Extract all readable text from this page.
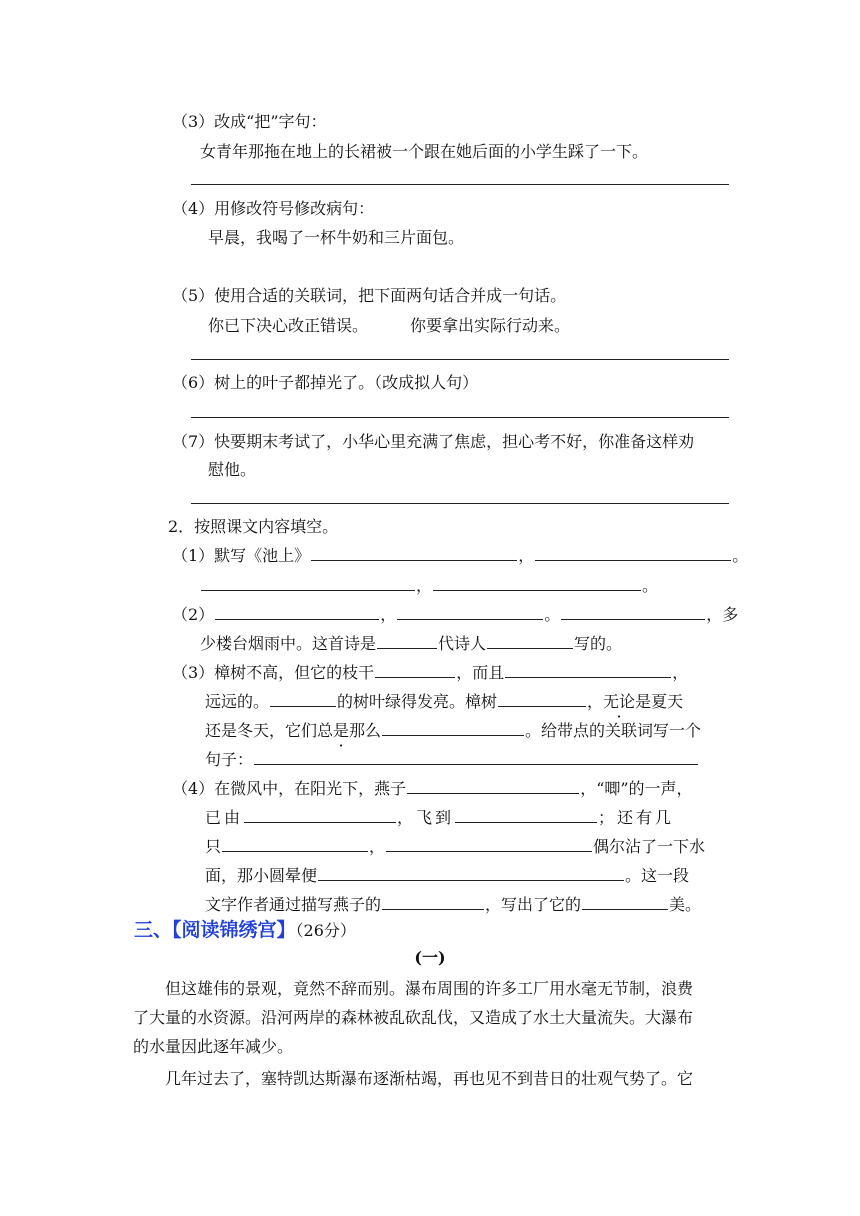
（3）改成“把”字句：
女青年那拖在地上的长裙被一个跟在她后面的小学生踩了一下。
（4）用修改符号修改病句：
早晨，我喝了一杯牛奶和三片面包。
（5）使用合适的关联词，把下面两句话合并成一句话。
你已下决心改正错误。	你要拿出实际行动来。
（6）树上的叶子都掉光了。（改成拟人句）
（7）快要期末考试了，小华心里充满了焦虑，担心考不好，你准备这样劝
慰他。
2．按照课文内容填空。
（1）默写《池上》	，	。
，	。
（2）	，	。	，多
少楼台烟雨中。这首诗是	代诗人	写的。
（3）樟树不高，但它的枝干	，而且	，
远远的。	的树叶绿得发亮。樟树	，无论是夏天
还是冬天，它们总是那么	。给带点的关联词写一个
句子：
（4）在微风中，在阳光下，燕子	，“唧”的一声，
已由	，飞到	；还有几
只	，	偶尔沾了一下水
面，那小圆晕便	。这一段
文字作者通过描写燕子的	，写出了它的	美。
三、【阅读锦绣宫】（26分）
(一)
但这雄伟的景观，竟然不辞而别。瀑布周围的许多工厂用水毫无节制，浪费
了大量的水资源。沿河两岸的森林被乱砍乱伐，又造成了水土大量流失。大瀑布
的水量因此逐年减少。
几年过去了，塞特凯达斯瀑布逐渐枯竭，再也见不到昔日的壮观气势了。它
